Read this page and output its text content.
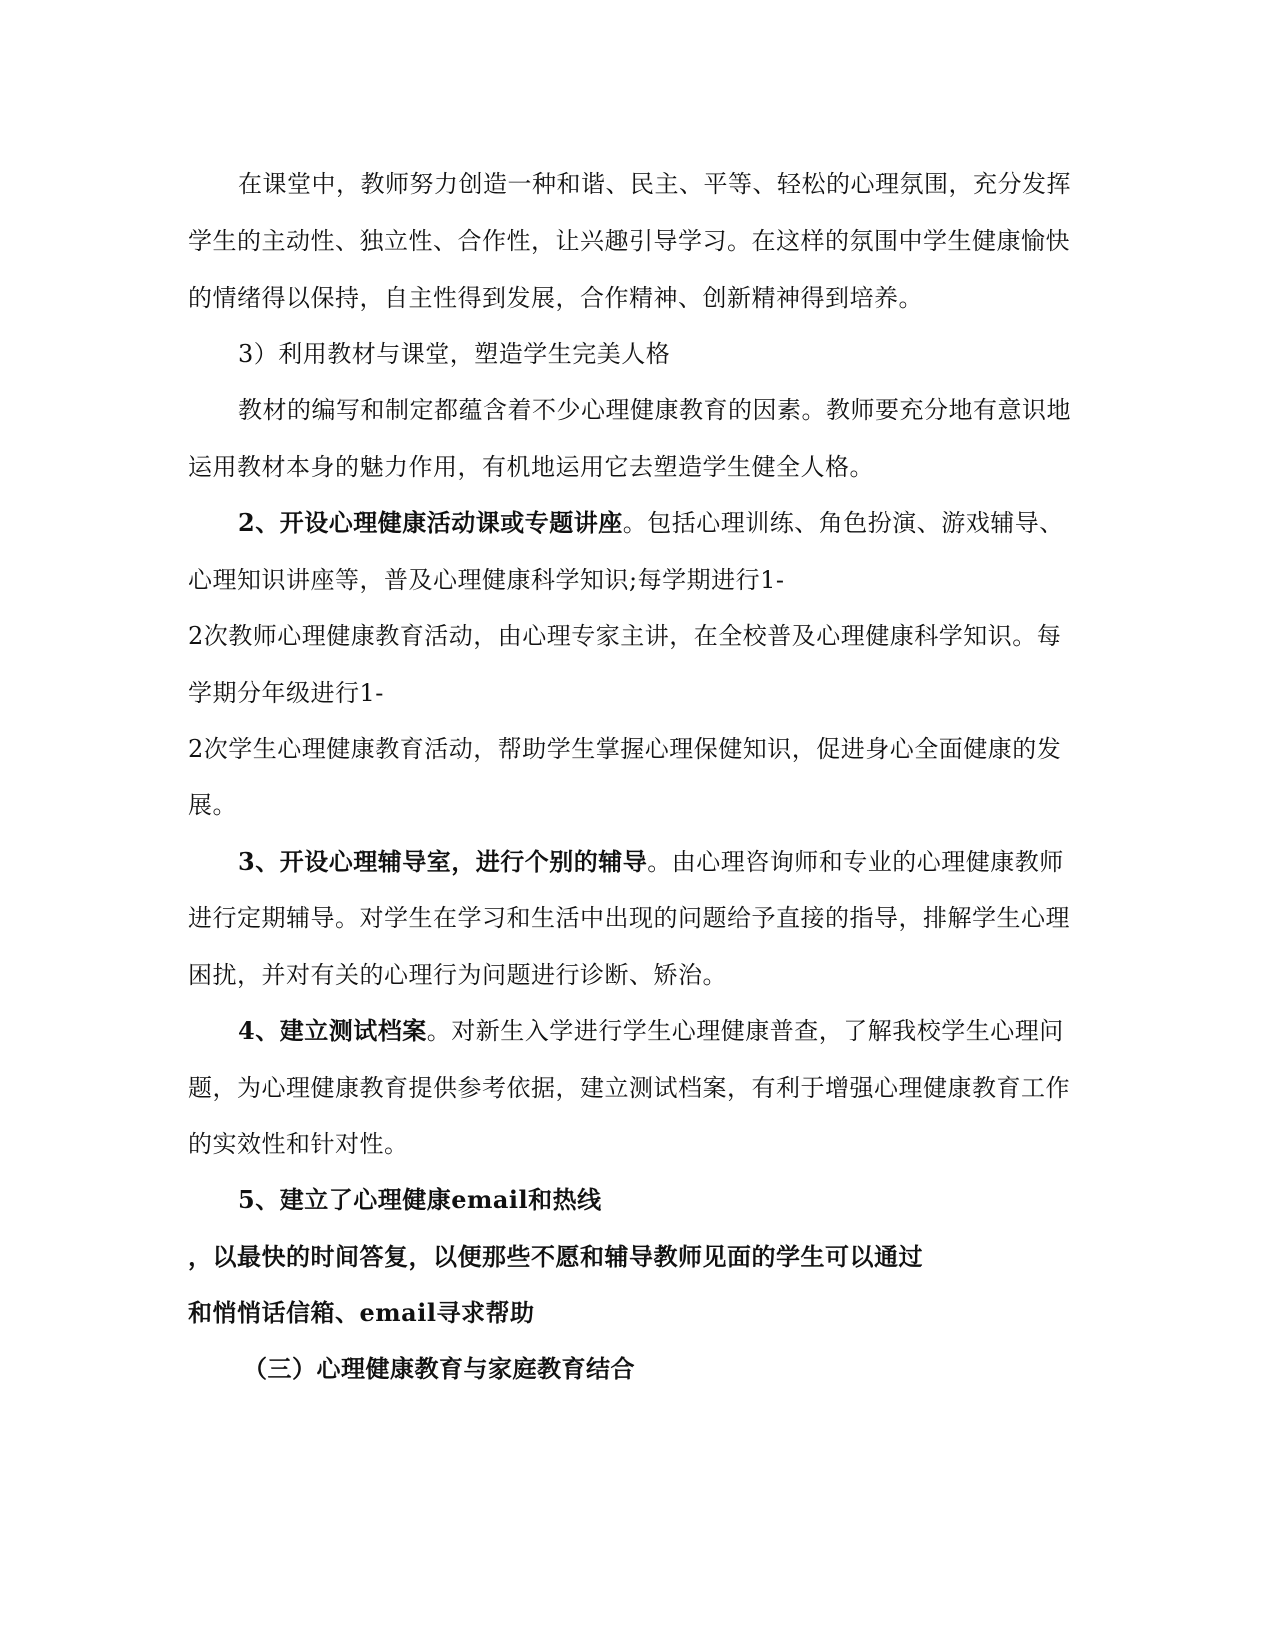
在课堂中，教师努力创造一种和谐、民主、平等、轻松的心理氛围，充分发挥
学生的主动性、独立性、合作性，让兴趣引导学习。在这样的氛围中学生健康愉快
的情绪得以保持，自主性得到发展，合作精神、创新精神得到培养。
3）利用教材与课堂，塑造学生完美人格
教材的编写和制定都蕴含着不少心理健康教育的因素。教师要充分地有意识地
运用教材本身的魅力作用，有机地运用它去塑造学生健全人格。
2、开设心理健康活动课或专题讲座。包括心理训练、角色扮演、游戏辅导、
心理知识讲座等，普及心理健康科学知识;每学期进行1-
2次教师心理健康教育活动，由心理专家主讲，在全校普及心理健康科学知识。每
学期分年级进行1-
2次学生心理健康教育活动，帮助学生掌握心理保健知识，促进身心全面健康的发
展。
3、开设心理辅导室，进行个别的辅导。由心理咨询师和专业的心理健康教师
进行定期辅导。对学生在学习和生活中出现的问题给予直接的指导，排解学生心理
困扰，并对有关的心理行为问题进行诊断、矫治。
4、建立测试档案。对新生入学进行学生心理健康普查，了解我校学生心理问
题，为心理健康教育提供参考依据，建立测试档案，有利于增强心理健康教育工作
的实效性和针对性。
5、建立了心理健康email和热线
，以最快的时间答复，以便那些不愿和辅导教师见面的学生可以通过
和悄悄话信箱、email寻求帮助
（三）心理健康教育与家庭教育结合
